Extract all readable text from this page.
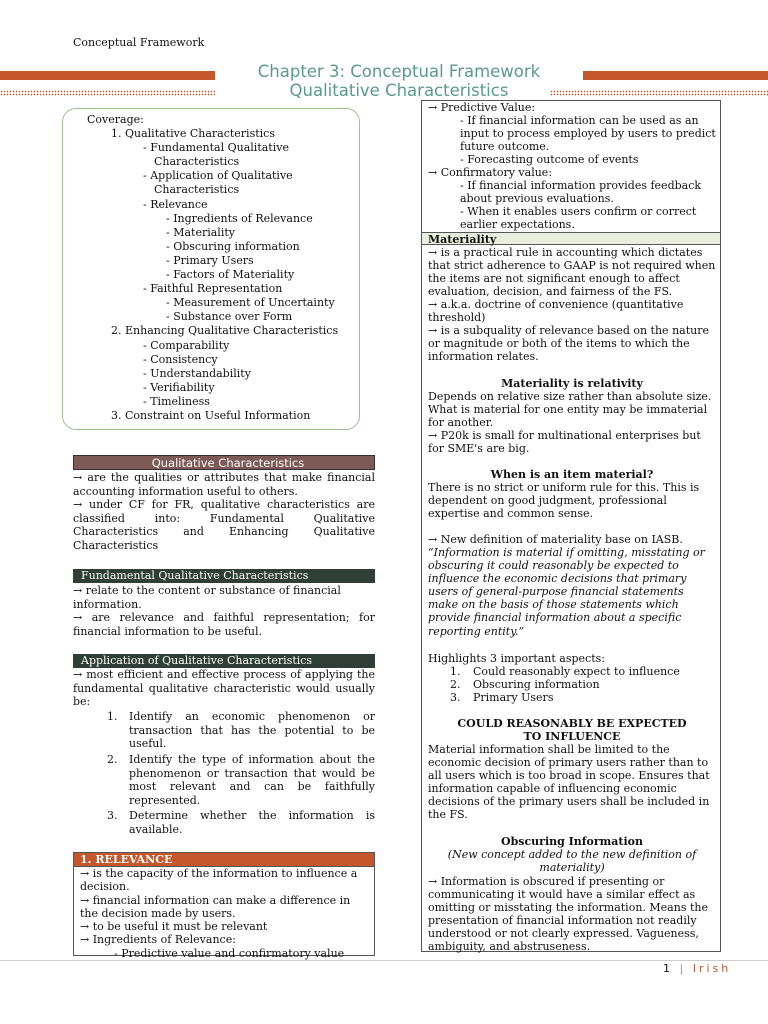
Conceptual Framework
Chapter 3: Conceptual Framework
Qualitative Characteristics
Coverage:
1. Qualitative Characteristics
- Fundamental Qualitative
Characteristics
- Application of Qualitative
Characteristics
- Relevance
- Ingredients of Relevance
- Materiality
- Obscuring information
- Primary Users
- Factors of Materiality
- Faithful Representation
- Measurement of Uncertainty
- Substance over Form
2. Enhancing Qualitative Characteristics
- Comparability
- Consistency
- Understandability
- Verifiability
- Timeliness
3. Constraint on Useful Information
Qualitative Characteristics
→ are the qualities or attributes that make financial accounting information useful to others.
→ under CF for FR, qualitative characteristics are classified into: Fundamental Qualitative Characteristics and Enhancing Qualitative Characteristics
Fundamental Qualitative Characteristics
→ relate to the content or substance of financial information.
→ are relevance and faithful representation; for financial information to be useful.
Application of Qualitative Characteristics
→ most efficient and effective process of applying the fundamental qualitative characteristic would usually be:
1.	Identify an economic phenomenon or transaction that has the potential to be useful.
2.	Identify the type of information about the phenomenon or transaction that would be most relevant and can be faithfully represented.
3.	Determine whether the information is available.
1. RELEVANCE
→ is the capacity of the information to influence a decision.
→ financial information can make a difference in the decision made by users.
→ to be useful it must be relevant
→ Ingredients of Relevance:
- Predictive value and confirmatory value
→ Predictive Value:
- If financial information can be used as an input to process employed by users to predict future outcome.
- Forecasting outcome of events
→ Confirmatory value:
- If financial information provides feedback about previous evaluations.
- When it enables users confirm or correct earlier expectations.
Materiality
→ is a practical rule in accounting which dictates that strict adherence to GAAP is not required when the items are not significant enough to affect evaluation, decision, and fairness of the FS.
→ a.k.a. doctrine of convenience (quantitative threshold)
→ is a subquality of relevance based on the nature or magnitude or both of the items to which the information relates.
Materiality is relativity
Depends on relative size rather than absolute size. What is material for one entity may be immaterial for another.
→ P20k is small for multinational enterprises but for SME's are big.
When is an item material?
There is no strict or uniform rule for this. This is dependent on good judgment, professional expertise and common sense.
→ New definition of materiality base on IASB.
“Information is material if omitting, misstating or obscuring it could reasonably be expected to influence the economic decisions that primary users of general-purpose financial statements make on the basis of those statements which provide financial information about a specific reporting entity.”
Highlights 3 important aspects:
1.	Could reasonably expect to influence
2.	Obscuring information
3.	Primary Users
COULD REASONABLY BE EXPECTED TO INFLUENCE
Material information shall be limited to the economic decision of primary users rather than to all users which is too broad in scope. Ensures that information capable of influencing economic decisions of the primary users shall be included in the FS.
Obscuring Information
(New concept added to the new definition of materiality)
→ Information is obscured if presenting or communicating it would have a similar effect as omitting or misstating the information. Means the presentation of financial information not readily understood or not clearly expressed. Vagueness, ambiguity, and abstruseness.
1 | Irish
